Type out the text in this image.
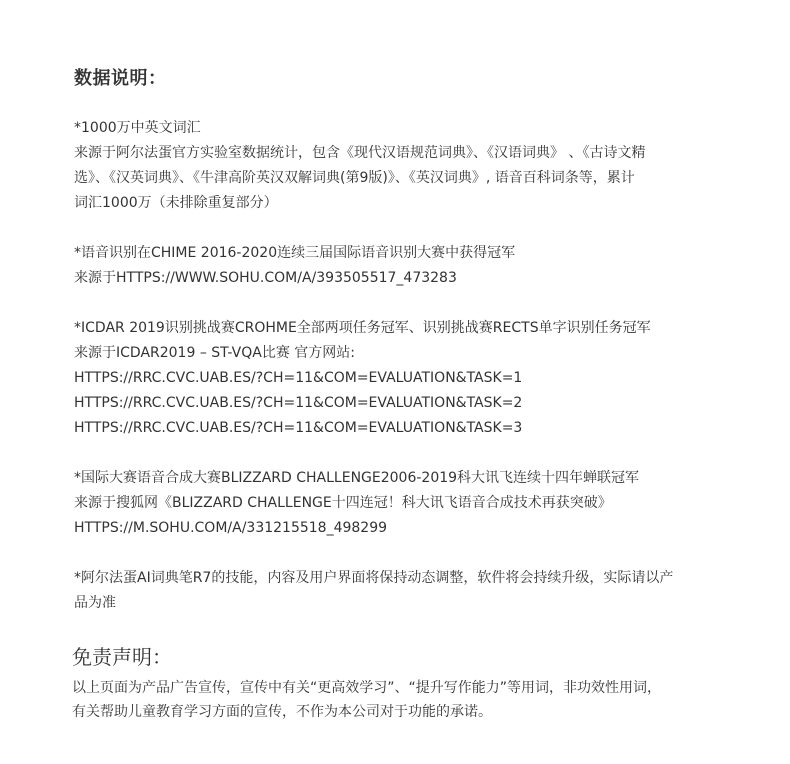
数据说明：
*1000万中英文词汇
来源于阿尔法蛋官方实验室数据统计，包含《现代汉语规范词典》、《汉语词典》 、《古诗文精
选》、《汉英词典》、《牛津高阶英汉双解词典(第9版)》、《英汉词典》, 语音百科词条等，累计
词汇1000万（未排除重复部分）
*语音识别在CHIME 2016-2020连续三届国际语音识别大赛中获得冠军
来源于HTTPS://WWW.SOHU.COM/A/393505517_473283
*ICDAR 2019识别挑战赛CROHME全部两项任务冠军、识别挑战赛RECTS单字识别任务冠军
来源于ICDAR2019 – ST-VQA比赛 官方网站:
HTTPS://RRC.CVC.UAB.ES/?CH=11&COM=EVALUATION&TASK=1
HTTPS://RRC.CVC.UAB.ES/?CH=11&COM=EVALUATION&TASK=2
HTTPS://RRC.CVC.UAB.ES/?CH=11&COM=EVALUATION&TASK=3
*国际大赛语音合成大赛BLIZZARD CHALLENGE2006-2019科大讯飞连续十四年蝉联冠军
来源于搜狐网《BLIZZARD CHALLENGE十四连冠！科大讯飞语音合成技术再获突破》
HTTPS://M.SOHU.COM/A/331215518_498299
*阿尔法蛋AI词典笔R7的技能，内容及用户界面将保持动态调整，软件将会持续升级，实际请以产
品为准
免责声明：
以上页面为产品广告宣传，宣传中有关“更高效学习”、“提升写作能力”等用词，非功效性用词，
有关帮助儿童教育学习方面的宣传，不作为本公司对于功能的承诺。
